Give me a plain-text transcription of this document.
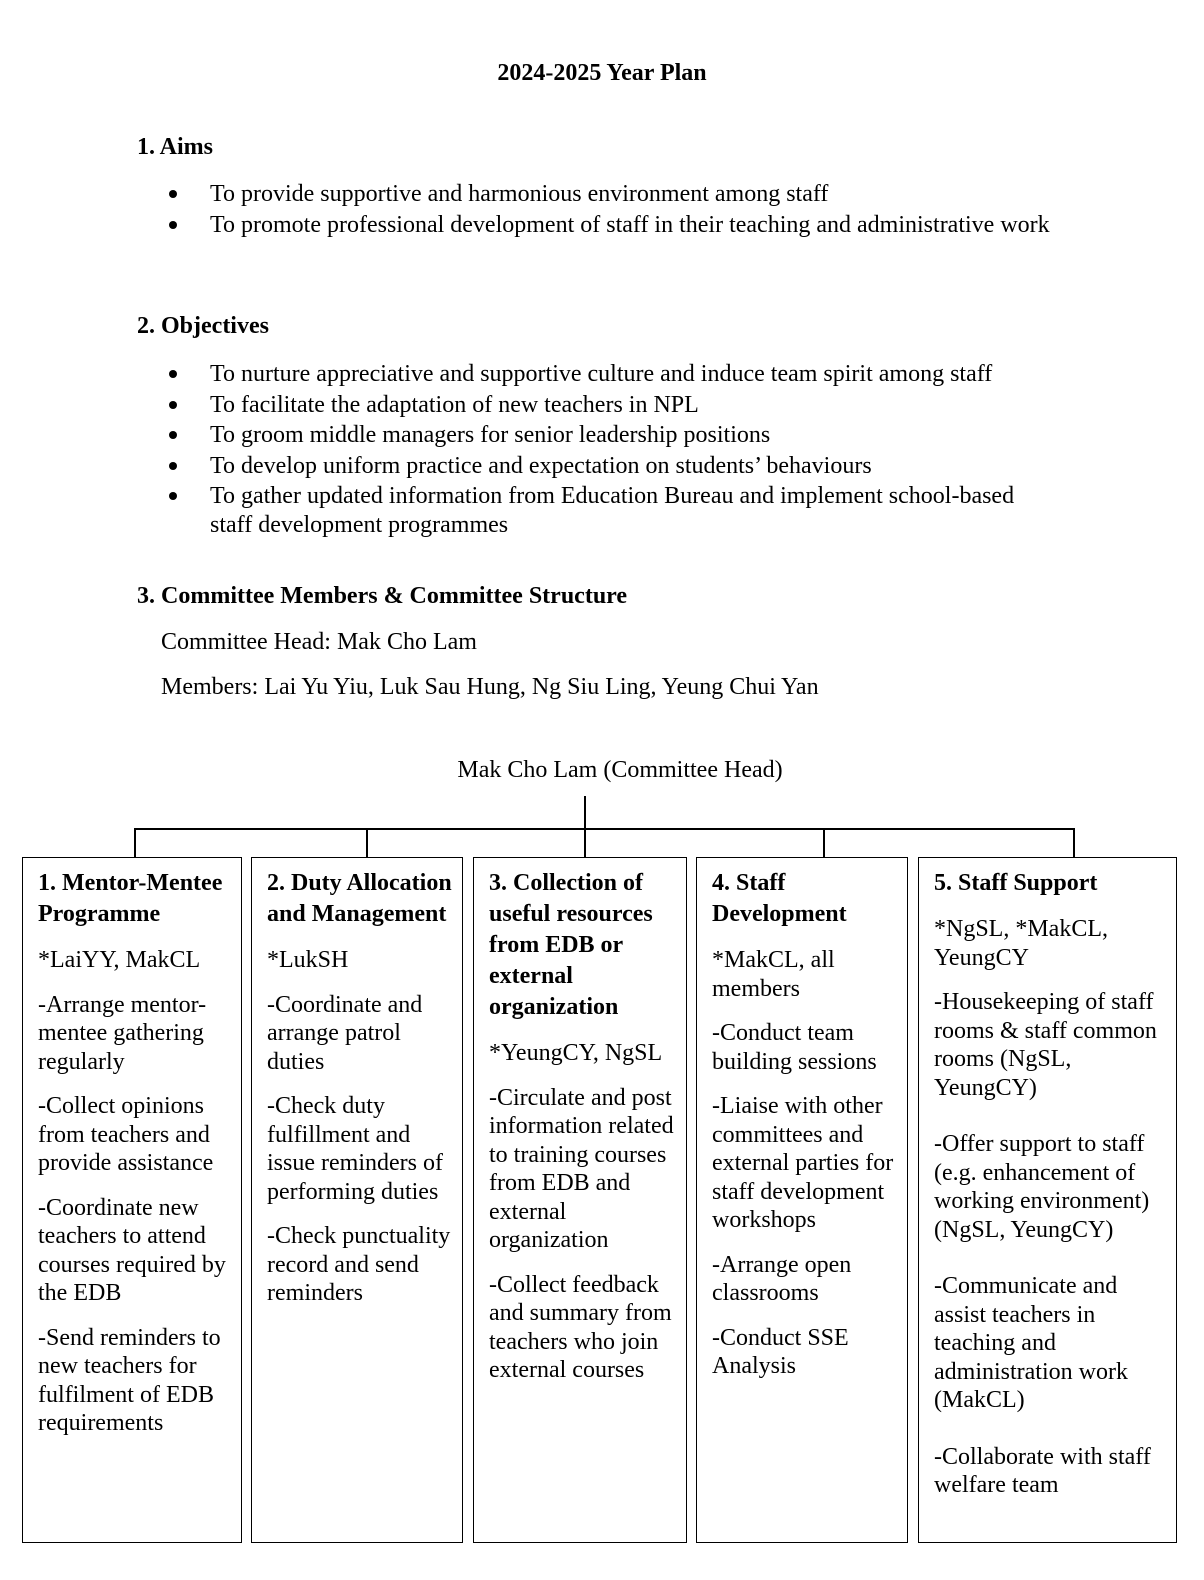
2024-2025 Year Plan
1. Aims
To provide supportive and harmonious environment among staff
To promote professional development of staff in their teaching and administrative work
2. Objectives
To nurture appreciative and supportive culture and induce team spirit among staff
To facilitate the adaptation of new teachers in NPL
To groom middle managers for senior leadership positions
To develop uniform practice and expectation on students’ behaviours
To gather updated information from Education Bureau and implement school-based staff development programmes
3. Committee Members & Committee Structure
Committee Head: Mak Cho Lam
Members: Lai Yu Yiu, Luk Sau Hung, Ng Siu Ling, Yeung Chui Yan
Mak Cho Lam (Committee Head)
1. Mentor-Mentee Programme
*LaiYY, MakCL
-Arrange mentor-mentee gathering regularly
-Collect opinions from teachers and provide assistance
-Coordinate new teachers to attend courses required by the EDB
-Send reminders to new teachers for fulfilment of EDB requirements
2. Duty Allocation and Management
*LukSH
-Coordinate and arrange patrol duties
-Check duty fulfillment and issue reminders of performing duties
-Check punctuality record and send reminders
3. Collection of useful resources from EDB or external organization
*YeungCY, NgSL
-Circulate and post information related to training courses from EDB and external organization
-Collect feedback and summary from teachers who join external courses
4. Staff Development
*MakCL, all members
-Conduct team building sessions
-Liaise with other committees and external parties for staff development workshops
-Arrange open classrooms
-Conduct SSE Analysis
5. Staff Support
*NgSL, *MakCL, YeungCY
-Housekeeping of staff rooms & staff common rooms (NgSL, YeungCY)
-Offer support to staff (e.g. enhancement of working environment) (NgSL, YeungCY)
-Communicate and assist teachers in teaching and administration work (MakCL)
-Collaborate with staff welfare team
